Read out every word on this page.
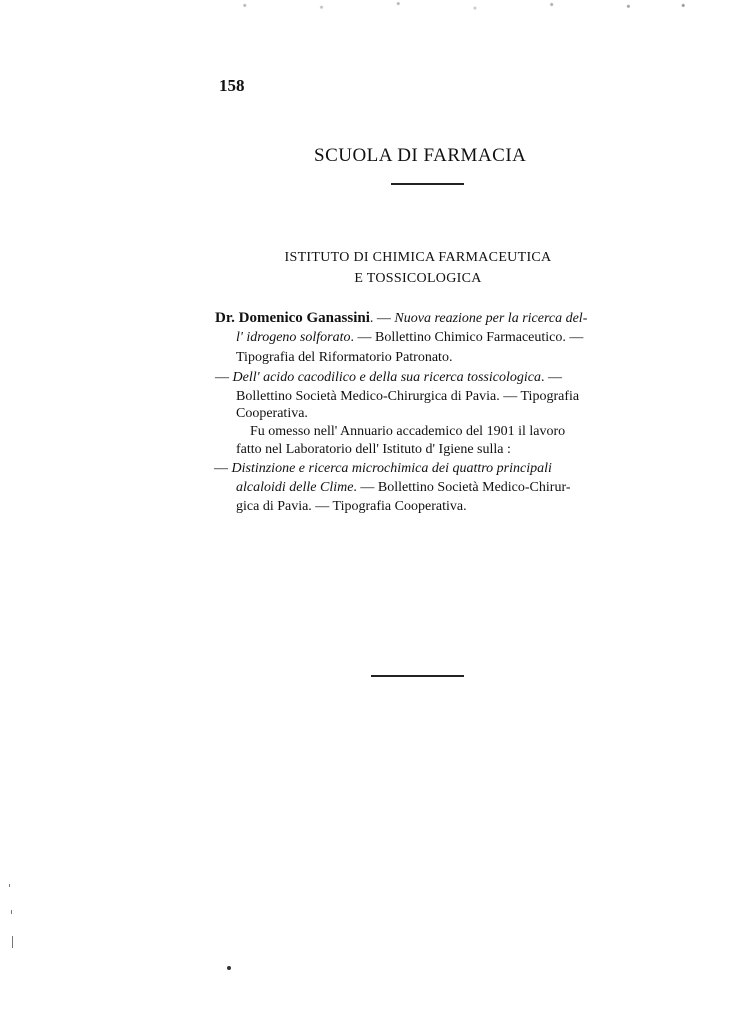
158
SCUOLA DI FARMACIA
ISTITUTO DI CHIMICA FARMACEUTICA
E TOSSICOLOGICA
Dr. Domenico Ganassini. — Nuova reazione per la ricerca del-
l' idrogeno solforato. — Bollettino Chimico Farmaceutico. —
Tipografia del Riformatorio Patronato.
— Dell' acido cacodilico e della sua ricerca tossicologica. —
Bollettino Società Medico-Chirurgica di Pavia. — Tipografia
Cooperativa.
Fu omesso nell' Annuario accademico del 1901 il lavoro
fatto nel Laboratorio dell' Istituto d' Igiene sulla :
— Distinzione e ricerca microchimica dei quattro principali
alcaloidi delle Clime. — Bollettino Società Medico-Chirur-
gica di Pavia. — Tipografia Cooperativa.
